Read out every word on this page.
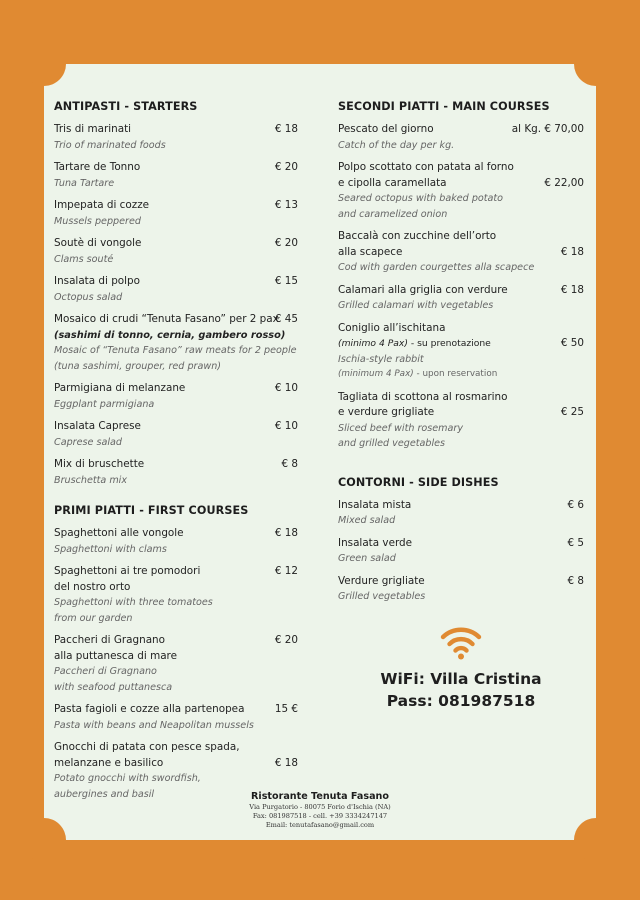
ANTIPASTI - STARTERS
Tris di marinati
Trio of marinated foods
€ 18
Tartare de Tonno
Tuna Tartare
€ 20
Impepata di cozze
Mussels peppered
€ 13
Soutè di vongole
Clams souté
€ 20
Insalata di polpo
Octopus salad
€ 15
Mosaico di crudi “Tenuta Fasano” per 2 pax
(sashimi di tonno, cernia, gambero rosso)
Mosaic of “Tenuta Fasano” raw meats for 2 people
(tuna sashimi, grouper, red prawn)
€ 45
Parmigiana di melanzane
Eggplant parmigiana
€ 10
Insalata Caprese
Caprese salad
€ 10
Mix di bruschette
Bruschetta mix
€ 8
PRIMI PIATTI - FIRST COURSES
Spaghettoni alle vongole
Spaghettoni with clams
€ 18
Spaghettoni ai tre pomodori
del nostro orto
Spaghettoni with three tomatoes
from our garden
€ 12
Paccheri di Gragnano
alla puttanesca di mare
Paccheri di Gragnano
with seafood puttanesca
€ 20
Pasta fagioli e cozze alla partenopea
Pasta with beans and Neapolitan mussels
15 €
Gnocchi di patata con pesce spada,
melanzane e basilico
Potato gnocchi with swordfish,
aubergines and basil
€ 18
SECONDI PIATTI - MAIN COURSES
Pescato del giorno
Catch of the day per kg.
al Kg. € 70,00
Polpo scottato con patata al forno
e cipolla caramellata
Seared octopus with baked potato
and caramelized onion
€ 22,00
Baccalà con zucchine dell’orto
alla scapece
Cod with garden courgettes alla scapece
€ 18
Calamari alla griglia con verdure
Grilled calamari with vegetables
€ 18
Coniglio all’ischitana
(minimo 4 Pax) - su prenotazione
Ischia-style rabbit
(minimum 4 Pax) - upon reservation
€ 50
Tagliata di scottona al rosmarino
e verdure grigliate
Sliced beef with rosemary
and grilled vegetables
€ 25
CONTORNI - SIDE DISHES
Insalata mista
Mixed salad
€ 6
Insalata verde
Green salad
€ 5
Verdure grigliate
Grilled vegetables
€ 8
WiFi: Villa Cristina
Pass: 081987518
Ristorante Tenuta Fasano
Via Purgatorio - 80075 Forio d'Ischia (NA)
Fax: 081987518 - cell. +39 3334247147
Email: tenutafasano@gmail.com
